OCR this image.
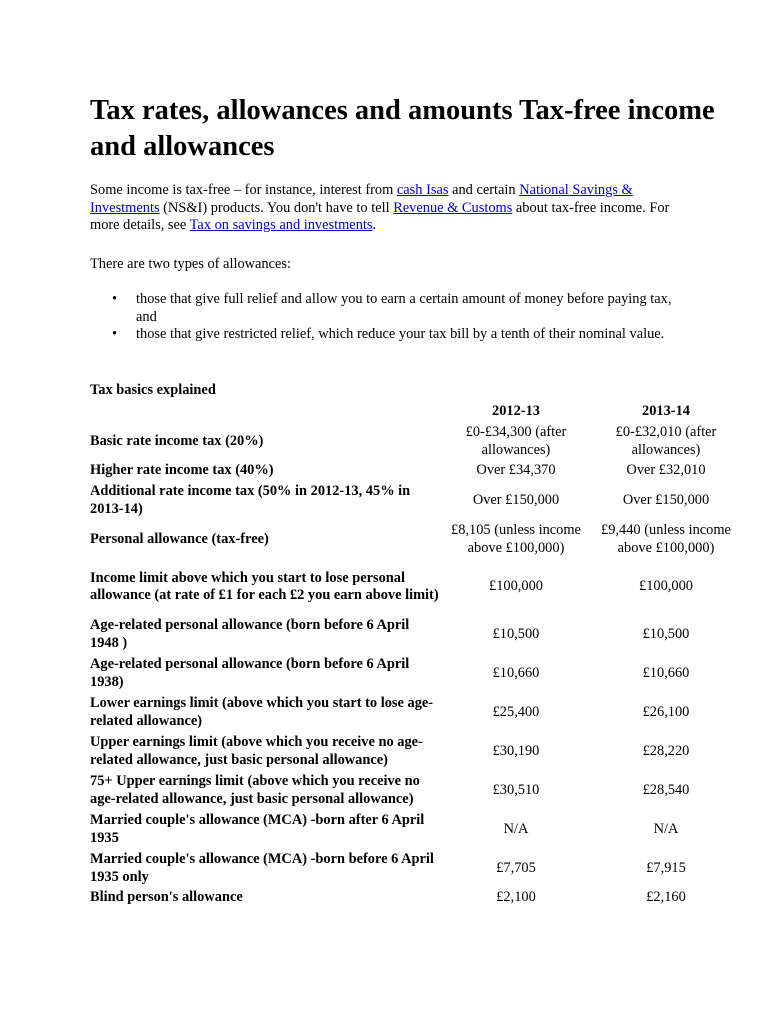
Tax rates, allowances and amounts Tax-free income and allowances

Some income is tax-free – for instance, interest from cash Isas and certain National Savings & Investments (NS&I) products. You don't have to tell Revenue & Customs about tax-free income. For more details, see Tax on savings and investments.

There are two types of allowances:

• those that give full relief and allow you to earn a certain amount of money before paying tax, and
• those that give restricted relief, which reduce your tax bill by a tenth of their nominal value.
Tax basics explained
	2012-13	2013-14
Basic rate income tax (20%)	£0-£34,300 (after allowances)	£0-£32,010 (after allowances)
Higher rate income tax (40%)	Over £34,370	Over £32,010
Additional rate income tax (50% in 2012-13, 45% in 2013-14)	Over £150,000	Over £150,000
Personal allowance (tax-free)	£8,105 (unless income above £100,000)	£9,440 (unless income above £100,000)
Income limit above which you start to lose personal allowance (at rate of £1 for each £2 you earn above limit)	£100,000	£100,000
Age-related personal allowance (born before 6 April 1948 )	£10,500	£10,500
Age-related personal allowance (born before 6 April 1938)	£10,660	£10,660
Lower earnings limit (above which you start to lose age-related allowance)	£25,400	£26,100
Upper earnings limit (above which you receive no age-related allowance, just basic personal allowance)	£30,190	£28,220
75+ Upper earnings limit (above which you receive no age-related allowance, just basic personal allowance)	£30,510	£28,540
Married couple's allowance (MCA) -born after 6 April 1935	N/A	N/A
Married couple's allowance (MCA) -born before 6 April 1935 only	£7,705	£7,915
Blind person's allowance	£2,100	£2,160
